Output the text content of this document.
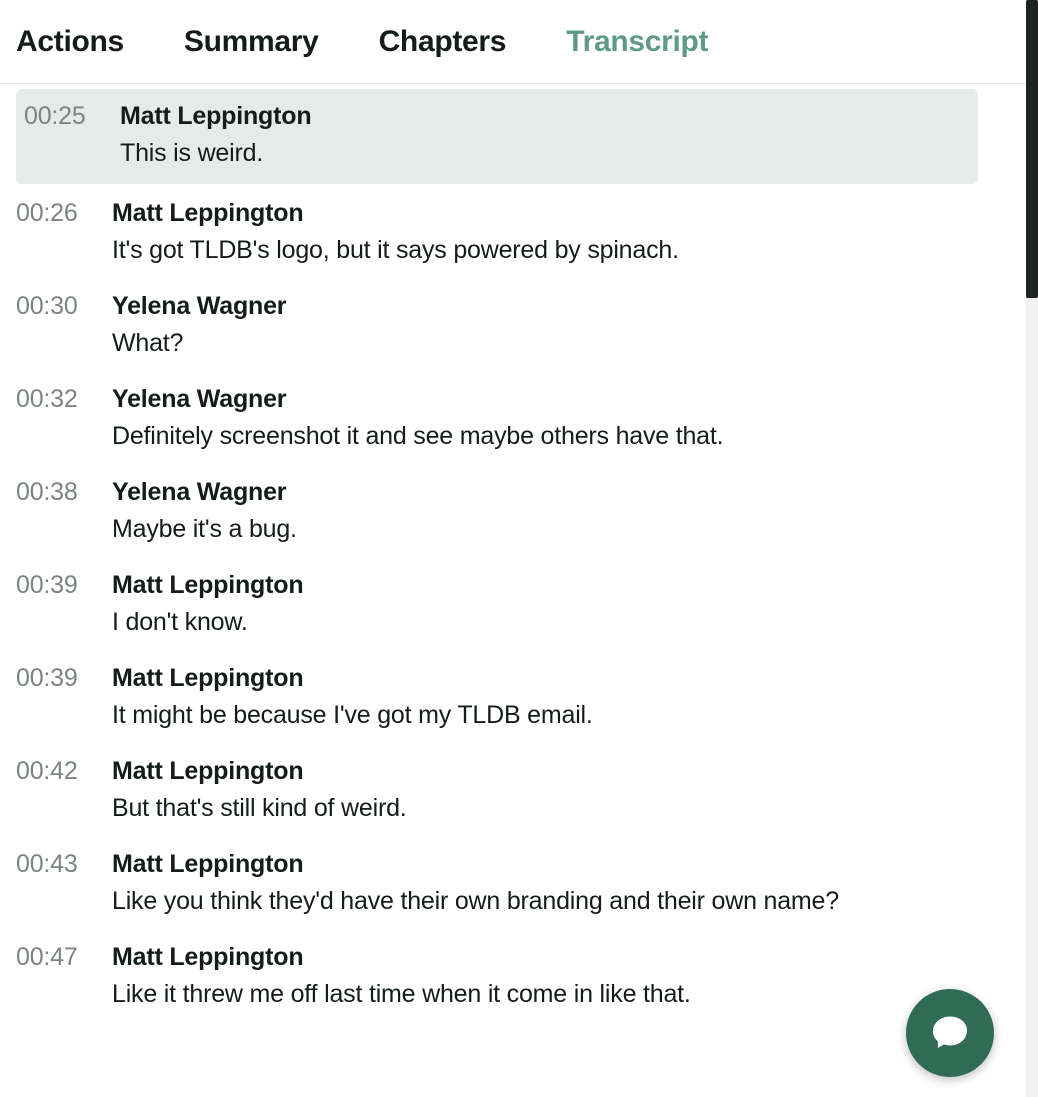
Actions Summary Chapters Transcript
00:25	Matt Leppington
This is weird.
00:26	Matt Leppington
It's got TLDB's logo, but it says powered by spinach.
00:30	Yelena Wagner
What?
00:32	Yelena Wagner
Definitely screenshot it and see maybe others have that.
00:38	Yelena Wagner
Maybe it's a bug.
00:39	Matt Leppington
I don't know.
00:39	Matt Leppington
It might be because I've got my TLDB email.
00:42	Matt Leppington
But that's still kind of weird.
00:43	Matt Leppington
Like you think they'd have their own branding and their own name?
00:47	Matt Leppington
Like it threw me off last time when it come in like that.
